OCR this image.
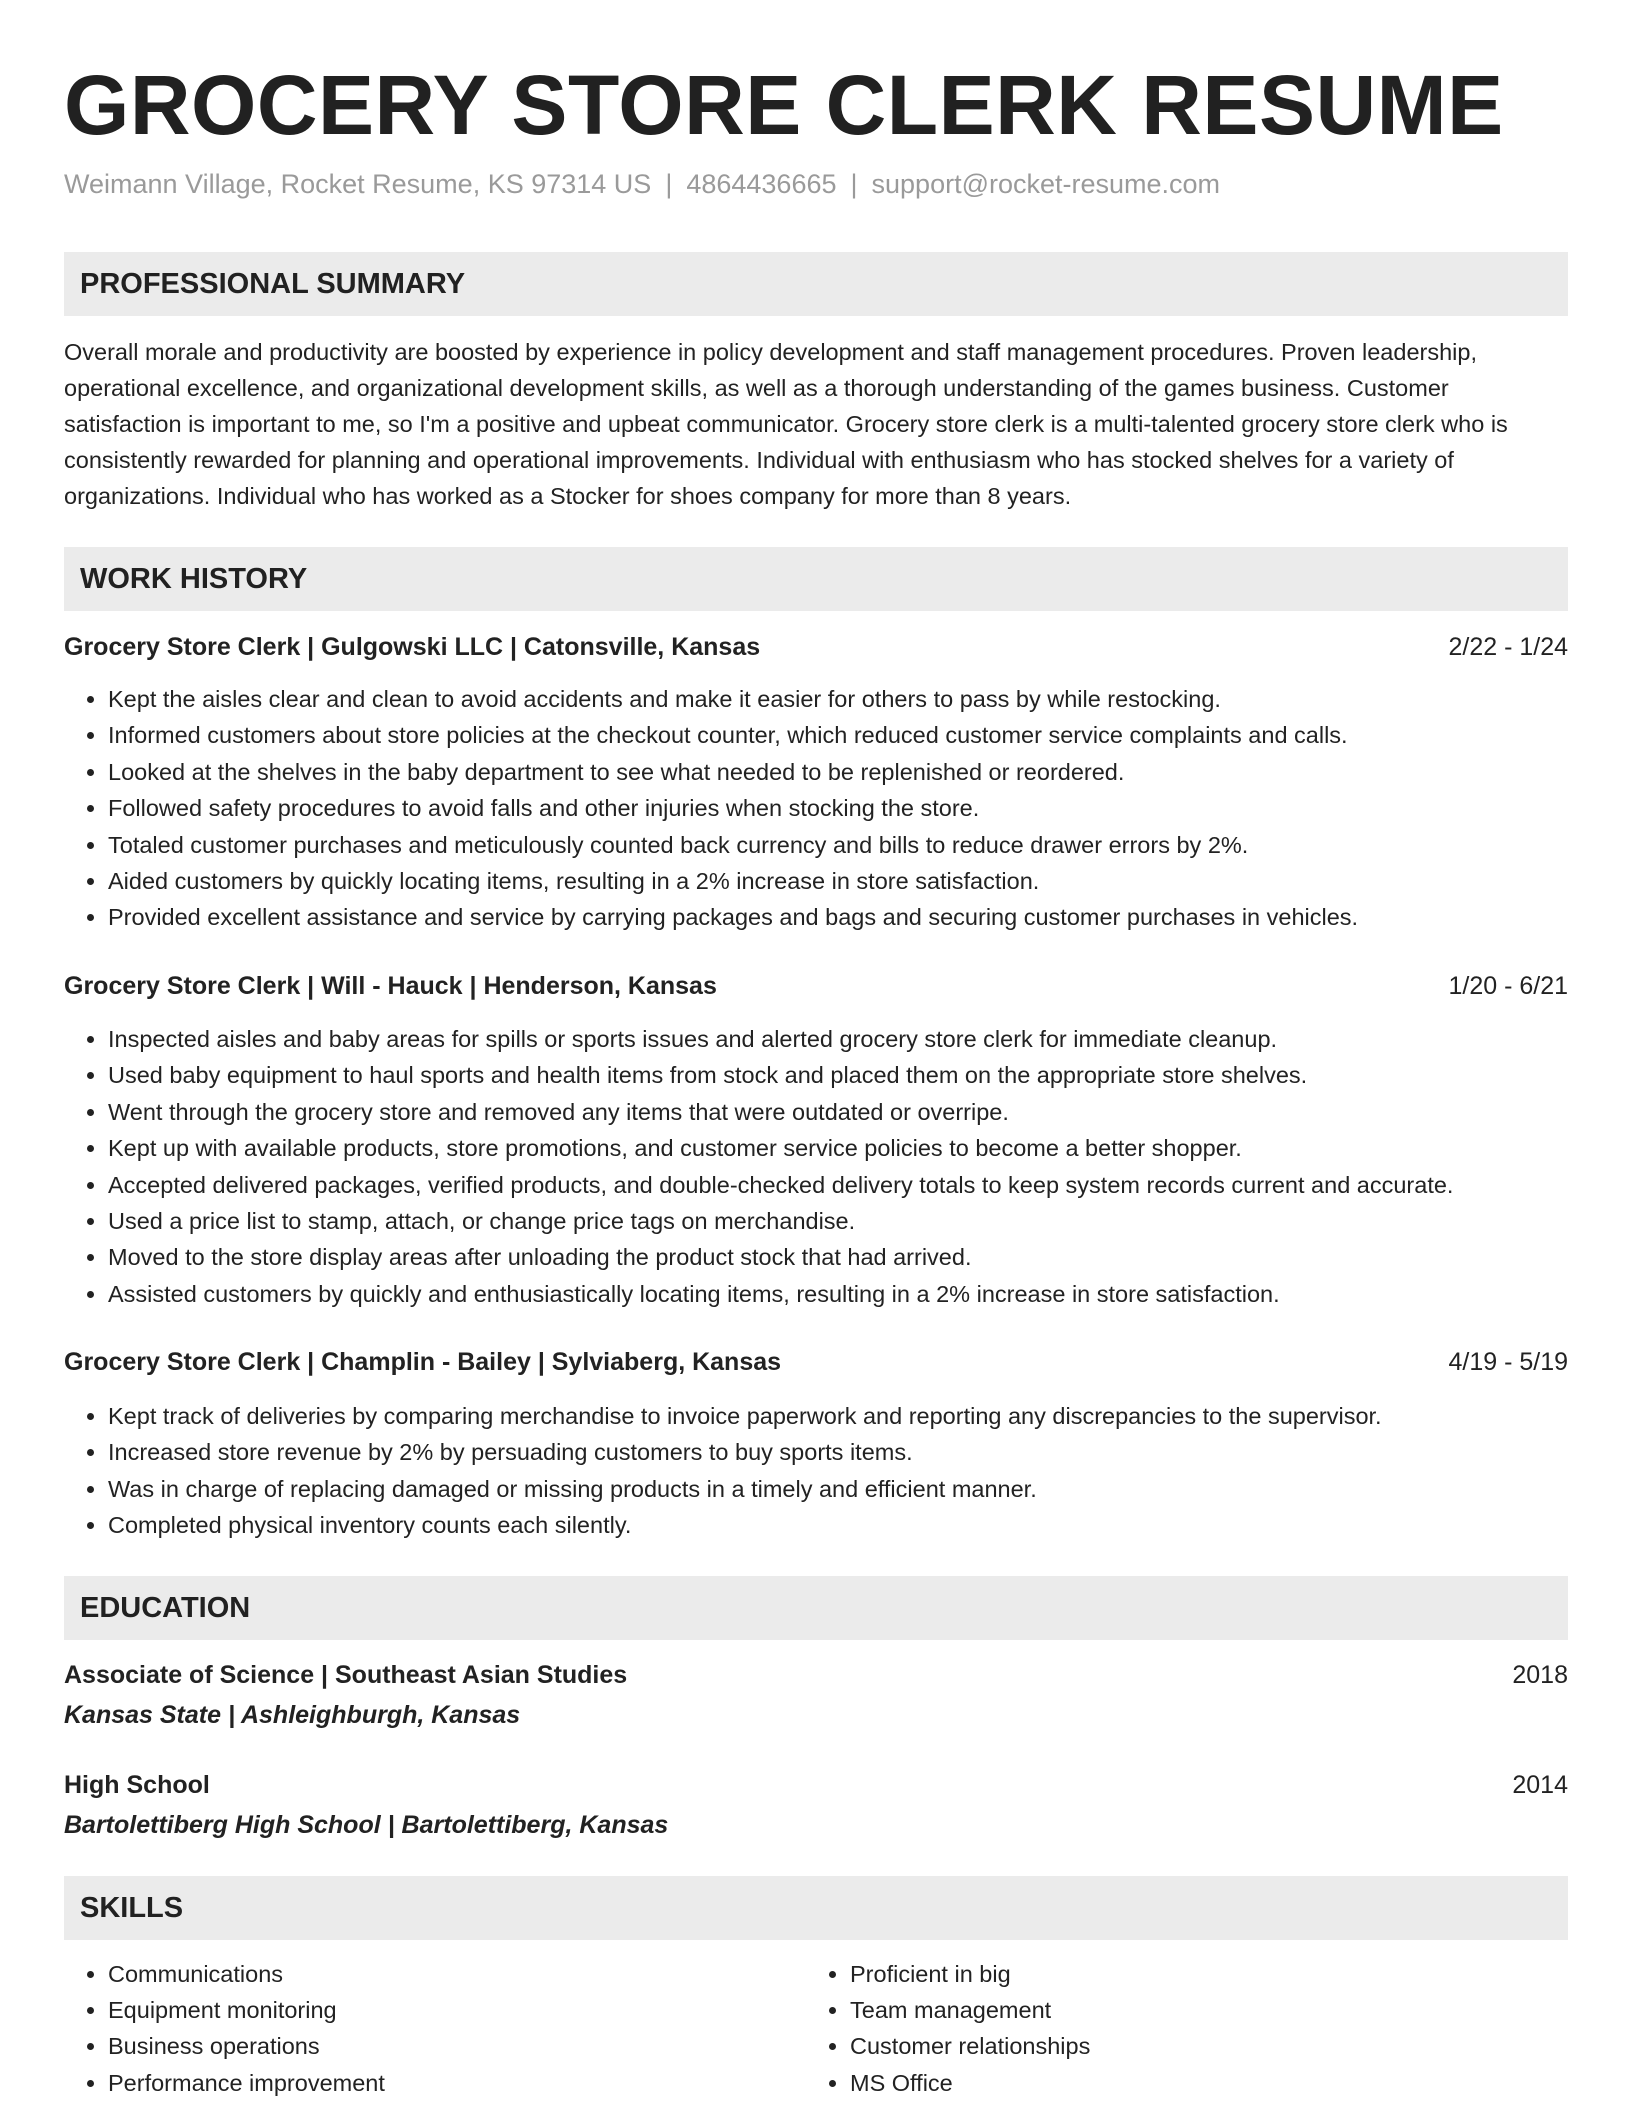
GROCERY STORE CLERK RESUME
Weimann Village, Rocket Resume, KS 97314 US | 4864436665 | support@rocket-resume.com
PROFESSIONAL SUMMARY
Overall morale and productivity are boosted by experience in policy development and staff management procedures. Proven leadership, operational excellence, and organizational development skills, as well as a thorough understanding of the games business. Customer satisfaction is important to me, so I'm a positive and upbeat communicator. Grocery store clerk is a multi-talented grocery store clerk who is consistently rewarded for planning and operational improvements. Individual with enthusiasm who has stocked shelves for a variety of organizations. Individual who has worked as a Stocker for shoes company for more than 8 years.
WORK HISTORY
Grocery Store Clerk | Gulgowski LLC | Catonsville, Kansas	2/22 - 1/24
• Kept the aisles clear and clean to avoid accidents and make it easier for others to pass by while restocking.
• Informed customers about store policies at the checkout counter, which reduced customer service complaints and calls.
• Looked at the shelves in the baby department to see what needed to be replenished or reordered.
• Followed safety procedures to avoid falls and other injuries when stocking the store.
• Totaled customer purchases and meticulously counted back currency and bills to reduce drawer errors by 2%.
• Aided customers by quickly locating items, resulting in a 2% increase in store satisfaction.
• Provided excellent assistance and service by carrying packages and bags and securing customer purchases in vehicles.
Grocery Store Clerk | Will - Hauck | Henderson, Kansas	1/20 - 6/21
• Inspected aisles and baby areas for spills or sports issues and alerted grocery store clerk for immediate cleanup.
• Used baby equipment to haul sports and health items from stock and placed them on the appropriate store shelves.
• Went through the grocery store and removed any items that were outdated or overripe.
• Kept up with available products, store promotions, and customer service policies to become a better shopper.
• Accepted delivered packages, verified products, and double-checked delivery totals to keep system records current and accurate.
• Used a price list to stamp, attach, or change price tags on merchandise.
• Moved to the store display areas after unloading the product stock that had arrived.
• Assisted customers by quickly and enthusiastically locating items, resulting in a 2% increase in store satisfaction.
Grocery Store Clerk | Champlin - Bailey | Sylviaberg, Kansas	4/19 - 5/19
• Kept track of deliveries by comparing merchandise to invoice paperwork and reporting any discrepancies to the supervisor.
• Increased store revenue by 2% by persuading customers to buy sports items.
• Was in charge of replacing damaged or missing products in a timely and efficient manner.
• Completed physical inventory counts each silently.
EDUCATION
Associate of Science | Southeast Asian Studies	2018
Kansas State | Ashleighburgh, Kansas
High School	2014
Bartolettiberg High School | Bartolettiberg, Kansas
SKILLS
• Communications
• Equipment monitoring
• Business operations
• Performance improvement
• Proficient in big
• Team management
• Customer relationships
• MS Office
